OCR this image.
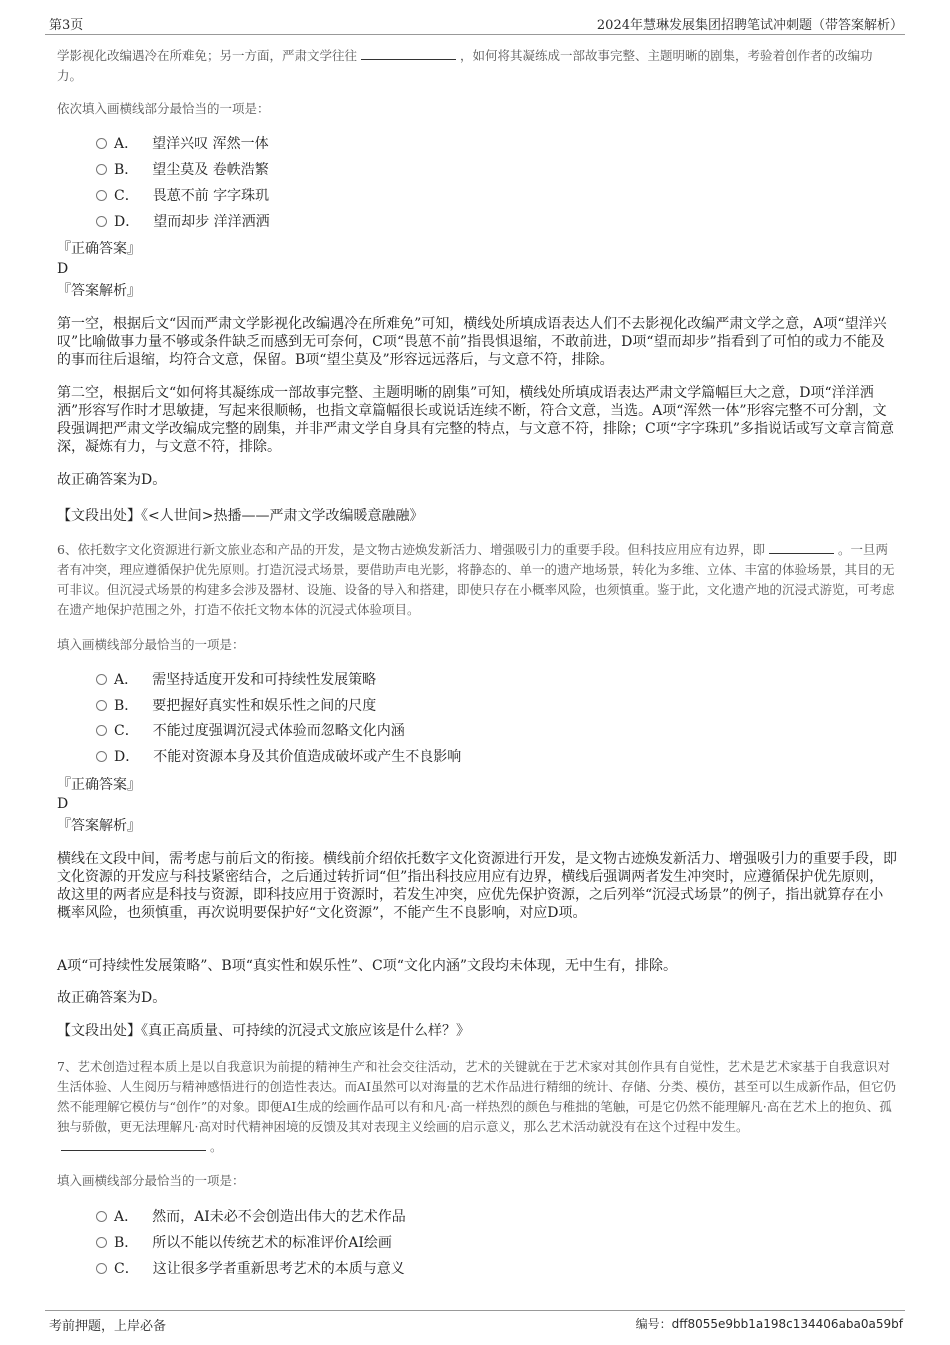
第3页	2024年慧琳发展集团招聘笔试冲刺题（带答案解析）
学影视化改编遇冷在所难免；另一方面，严肃文学往往	，如何将其凝练成一部故事完整、主题明晰的剧集，考验着创作者的改编功力。
依次填入画横线部分最恰当的一项是：
A． 望洋兴叹 浑然一体
B． 望尘莫及 卷帙浩繁
C． 畏葸不前 字字珠玑
D． 望而却步 洋洋洒洒
『正确答案』
D
『答案解析』
第一空，根据后文“因而严肃文学影视化改编遇冷在所难免”可知，横线处所填成语表达人们不去影视化改编严肃文学之意，A项“望洋兴叹”比喻做事力量不够或条件缺乏而感到无可奈何，C项“畏葸不前”指畏惧退缩，不敢前进，D项“望而却步”指看到了可怕的或力不能及的事而往后退缩，均符合文意，保留。B项“望尘莫及”形容远远落后，与文意不符，排除。
第二空，根据后文“如何将其凝练成一部故事完整、主题明晰的剧集”可知，横线处所填成语表达严肃文学篇幅巨大之意，D项“洋洋洒洒”形容写作时才思敏捷，写起来很顺畅，也指文章篇幅很长或说话连续不断，符合文意，当选。A项“浑然一体”形容完整不可分割，文段强调把严肃文学改编成完整的剧集，并非严肃文学自身具有完整的特点，与文意不符，排除；C项“字字珠玑”多指说话或写文章言简意深，凝炼有力，与文意不符，排除。
故正确答案为D。
【文段出处】《<人世间>热播——严肃文学改编暖意融融》
6、依托数字文化资源进行新文旅业态和产品的开发，是文物古迹焕发新活力、增强吸引力的重要手段。但科技应用应有边界，即	。一旦两者有冲突，理应遵循保护优先原则。打造沉浸式场景，要借助声电光影，将静态的、单一的遗产地场景，转化为多维、立体、丰富的体验场景，其目的无可非议。但沉浸式场景的构建多会涉及器材、设施、设备的导入和搭建，即使只存在小概率风险，也须慎重。鉴于此，文化遗产地的沉浸式游览，可考虑在遗产地保护范围之外，打造不依托文物本体的沉浸式体验项目。
填入画横线部分最恰当的一项是：
A． 需坚持适度开发和可持续性发展策略
B． 要把握好真实性和娱乐性之间的尺度
C． 不能过度强调沉浸式体验而忽略文化内涵
D． 不能对资源本身及其价值造成破坏或产生不良影响
『正确答案』
D
『答案解析』
横线在文段中间，需考虑与前后文的衔接。横线前介绍依托数字文化资源进行开发，是文物古迹焕发新活力、增强吸引力的重要手段，即文化资源的开发应与科技紧密结合，之后通过转折词“但”指出科技应用应有边界，横线后强调两者发生冲突时，应遵循保护优先原则，故这里的两者应是科技与资源，即科技应用于资源时，若发生冲突，应优先保护资源，之后列举“沉浸式场景”的例子，指出就算存在小概率风险，也须慎重，再次说明要保护好“文化资源”，不能产生不良影响，对应D项。
A项“可持续性发展策略”、B项“真实性和娱乐性”、C项“文化内涵”文段均未体现，无中生有，排除。
故正确答案为D。
【文段出处】《真正高质量、可持续的沉浸式文旅应该是什么样？》
7、艺术创造过程本质上是以自我意识为前提的精神生产和社会交往活动，艺术的关键就在于艺术家对其创作具有自觉性，艺术是艺术家基于自我意识对生活体验、人生阅历与精神感悟进行的创造性表达。而AI虽然可以对海量的艺术作品进行精细的统计、存储、分类、模仿，甚至可以生成新作品，但它仍然不能理解它模仿与“创作”的对象。即便AI生成的绘画作品可以有和凡·高一样热烈的颜色与稚拙的笔触，可是它仍然不能理解凡·高在艺术上的抱负、孤独与骄傲，更无法理解凡·高对时代精神困境的反馈及其对表现主义绘画的启示意义，那么艺术活动就没有在这个过程中发生。。
填入画横线部分最恰当的一项是：
A． 然而，AI未必不会创造出伟大的艺术作品
B． 所以不能以传统艺术的标准评价AI绘画
C． 这让很多学者重新思考艺术的本质与意义
考前押题，上岸必备	编号：dff8055e9bb1a198c134406aba0a59bf
